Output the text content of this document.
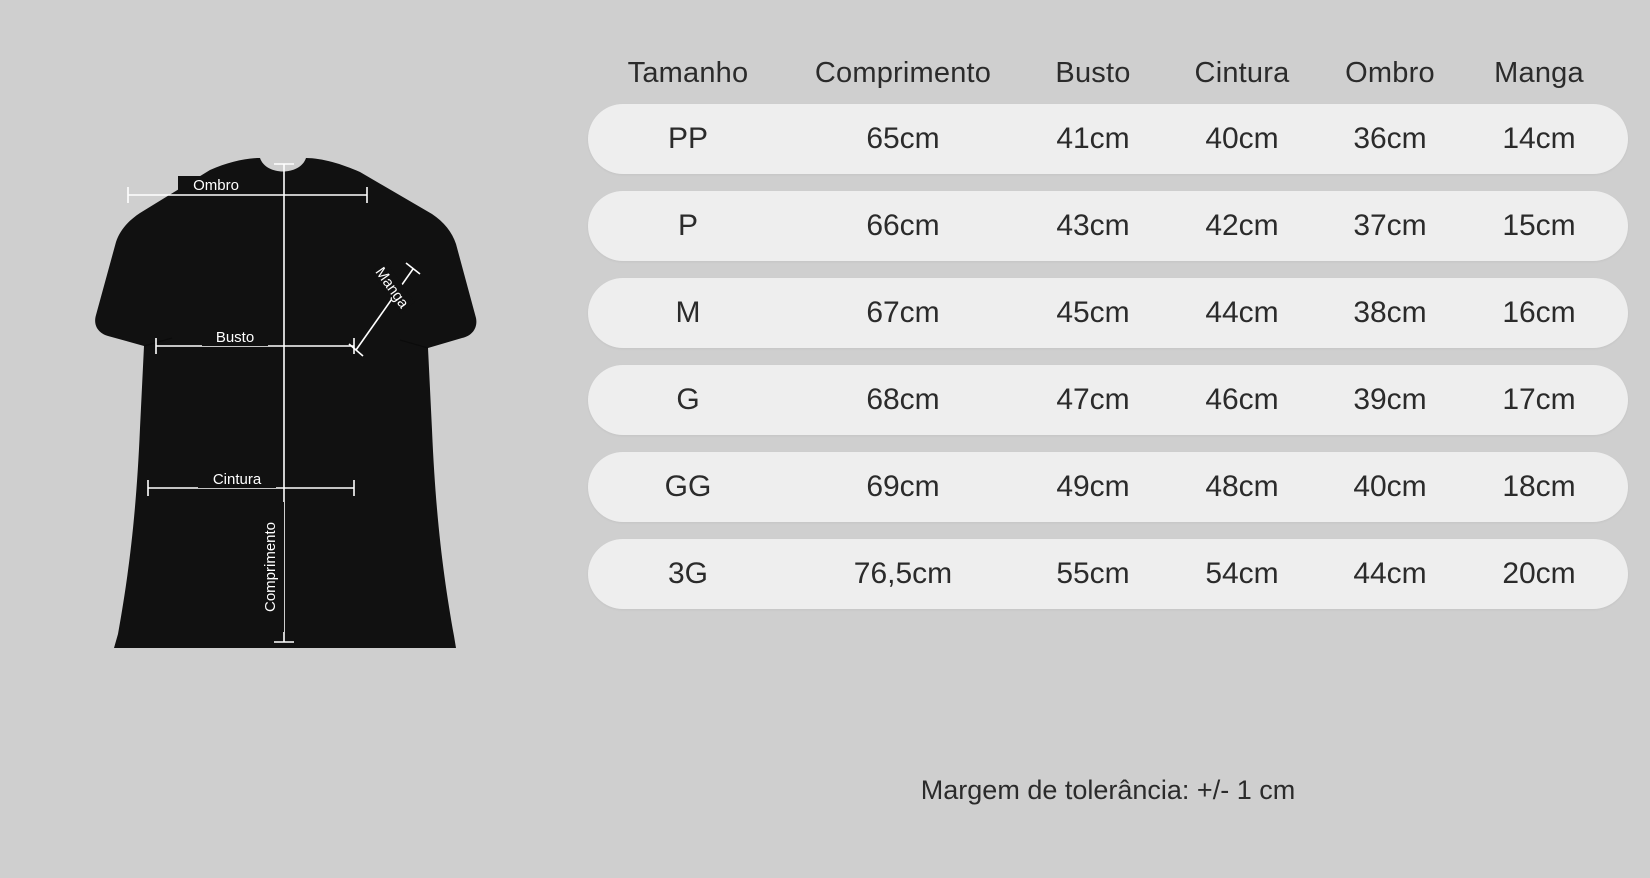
Ombro
Busto
Cintura
Comprimento
Manga
Tamanho	Comprimento	Busto	Cintura	Ombro	Manga
PP	65cm	41cm	40cm	36cm	14cm
P	66cm	43cm	42cm	37cm	15cm
M	67cm	45cm	44cm	38cm	16cm
G	68cm	47cm	46cm	39cm	17cm
GG	69cm	49cm	48cm	40cm	18cm
3G	76,5cm	55cm	54cm	44cm	20cm
Margem de tolerância: +/- 1 cm
